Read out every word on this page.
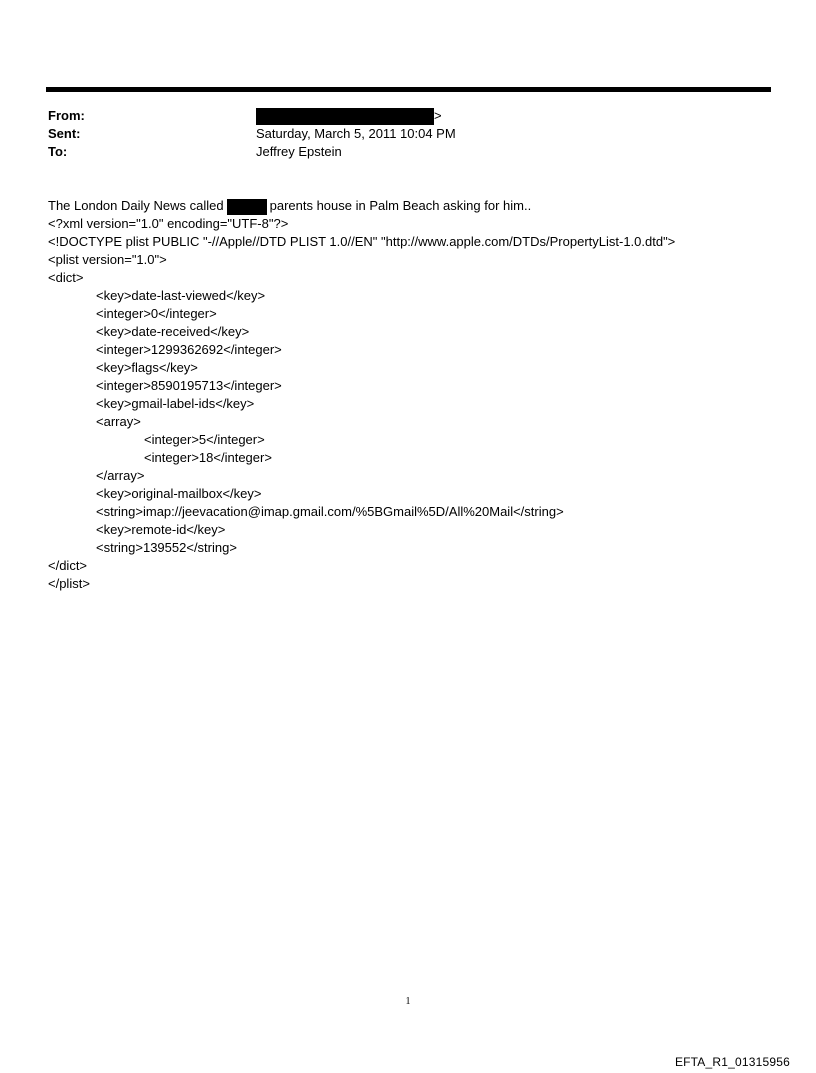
From:	>
Sent:	Saturday, March 5, 2011 10:04 PM
To:	Jeffrey Epstein
The London Daily News called	parents house in Palm Beach asking for him..
<?xml version="1.0" encoding="UTF-8"?>
<!DOCTYPE plist PUBLIC "-//Apple//DTD PLIST 1.0//EN" "http://www.apple.com/DTDs/PropertyList-1.0.dtd">
<plist version="1.0">
<dict>
<key>date-last-viewed</key>
<integer>0</integer>
<key>date-received</key>
<integer>1299362692</integer>
<key>flags</key>
<integer>8590195713</integer>
<key>gmail-label-ids</key>
<array>
<integer>5</integer>
<integer>18</integer>
</array>
<key>original-mailbox</key>
<string>imap://jeevacation@imap.gmail.com/%5BGmail%5D/All%20Mail</string>
<key>remote-id</key>
<string>139552</string>
</dict>
</plist>
1
EFTA_R1_01315956
